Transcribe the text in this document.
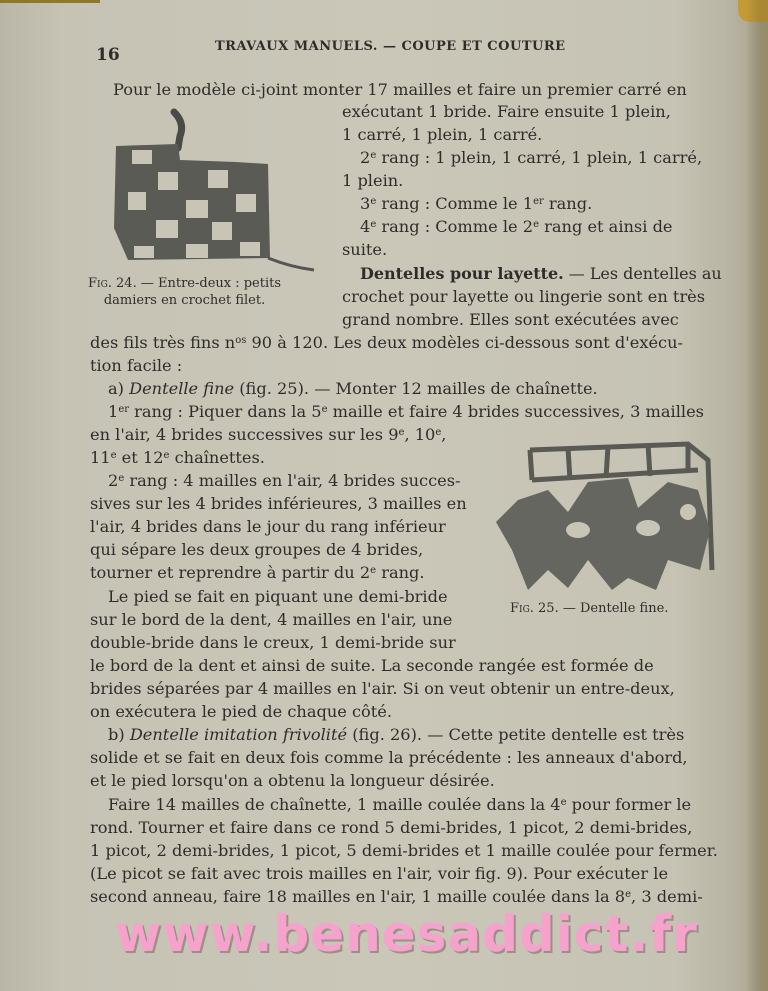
16	TRAVAUX MANUELS. — COUPE ET COUTURE
Fig. 24. — Entre-deux : petits
damiers en crochet filet.
Fig. 25. — Dentelle fine.
Pour le modèle ci-joint monter 17 mailles et faire un premier carré en
exécutant 1 bride. Faire ensuite 1 plein,
1 carré, 1 plein, 1 carré.
2e rang : 1 plein, 1 carré, 1 plein, 1 carré,
1 plein.
3e rang : Comme le 1er rang.
4e rang : Comme le 2e rang et ainsi de
suite.
Dentelles pour layette. — Les dentelles au
crochet pour layette ou lingerie sont en très
grand nombre. Elles sont exécutées avec
des fils très fins $n^{os}$ 90 à 120. Les deux modèles ci-dessous sont d'exécu-
tion facile :
a) Dentelle fine (fig. 25). — Monter 12 mailles de chaînette.
1er rang : Piquer dans la 5e maille et faire 4 brides successives, 3 mailles
en l'air, 4 brides successives sur les 9e, 10e,
11e et 12e chaînettes.
2e rang : 4 mailles en l'air, 4 brides succes-
sives sur les 4 brides inférieures, 3 mailles en
l'air, 4 brides dans le jour du rang inférieur
qui sépare les deux groupes de 4 brides,
tourner et reprendre à partir du 2e rang.
Le pied se fait en piquant une demi-bride
sur le bord de la dent, 4 mailles en l'air, une
double-bride dans le creux, 1 demi-bride sur
le bord de la dent et ainsi de suite. La seconde rangée est formée de
brides séparées par 4 mailles en l'air. Si on veut obtenir un entre-deux,
on exécutera le pied de chaque côté.
b) Dentelle imitation frivolité (fig. 26). — Cette petite dentelle est très
solide et se fait en deux fois comme la précédente : les anneaux d'abord,
et le pied lorsqu'on a obtenu la longueur désirée.
Faire 14 mailles de chaînette, 1 maille coulée dans la 4e pour former le
rond. Tourner et faire dans ce rond 5 demi-brides, 1 picot, 2 demi-brides,
1 picot, 2 demi-brides, 1 picot, 5 demi-brides et 1 maille coulée pour fermer.
(Le picot se fait avec trois mailles en l'air, voir fig. 9). Pour exécuter le
second anneau, faire 18 mailles en l'air, 1 maille coulée dans la 8e, 3 demi-
www.benesaddict.fr
